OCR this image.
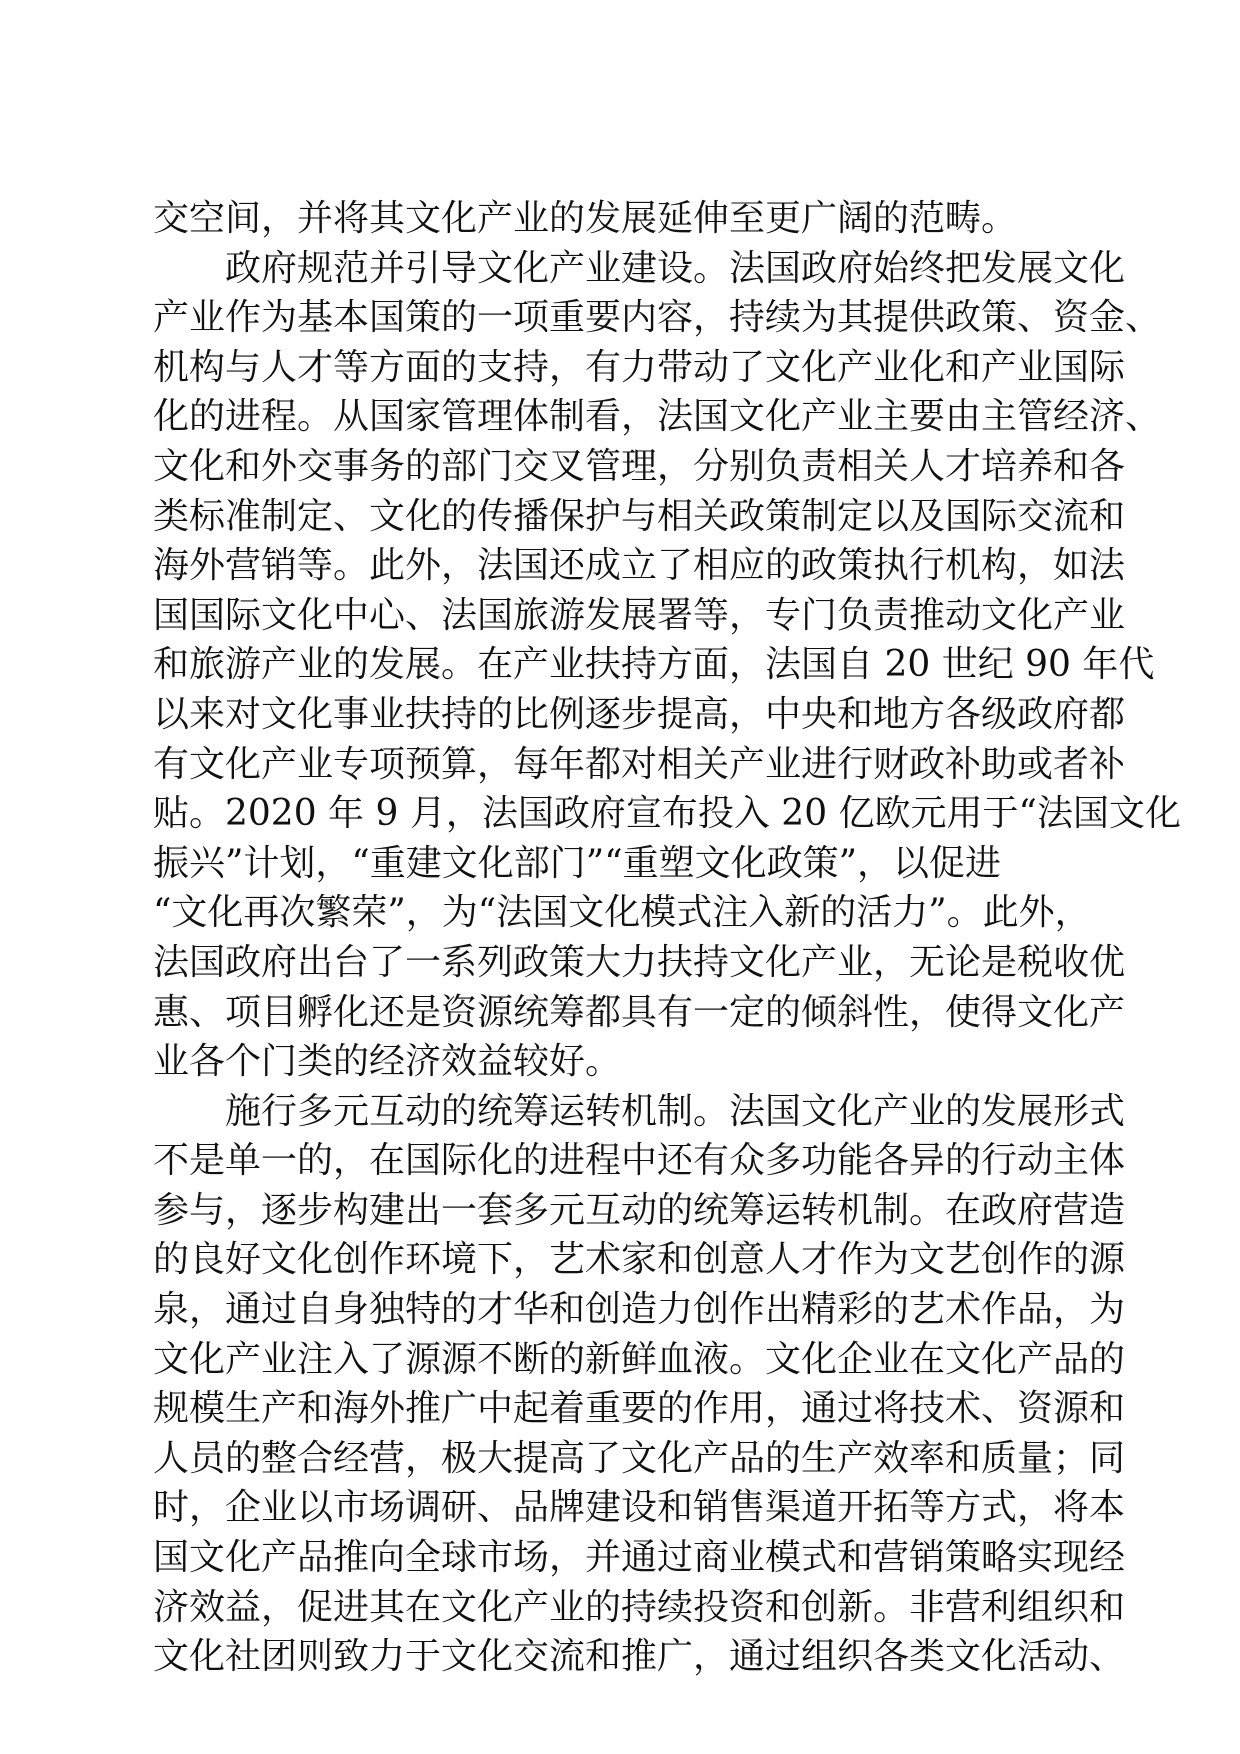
交空间，并将其文化产业的发展延伸至更广阔的范畴。
政府规范并引导文化产业建设。法国政府始终把发展文化
产业作为基本国策的一项重要内容，持续为其提供政策、资金、
机构与人才等方面的支持，有力带动了文化产业化和产业国际
化的进程。从国家管理体制看，法国文化产业主要由主管经济、
文化和外交事务的部门交叉管理，分别负责相关人才培养和各
类标准制定、文化的传播保护与相关政策制定以及国际交流和
海外营销等。此外，法国还成立了相应的政策执行机构，如法
国国际文化中心、法国旅游发展署等，专门负责推动文化产业
和旅游产业的发展。在产业扶持方面，法国自 20 世纪 90 年代
以来对文化事业扶持的比例逐步提高，中央和地方各级政府都
有文化产业专项预算，每年都对相关产业进行财政补助或者补
贴。2020 年 9 月，法国政府宣布投入 20 亿欧元用于“法国文化
振兴”计划，“重建文化部门”“重塑文化政策”，以促进
“文化再次繁荣”，为“法国文化模式注入新的活力”。此外，
法国政府出台了一系列政策大力扶持文化产业，无论是税收优
惠、项目孵化还是资源统筹都具有一定的倾斜性，使得文化产
业各个门类的经济效益较好。
施行多元互动的统筹运转机制。法国文化产业的发展形式
不是单一的，在国际化的进程中还有众多功能各异的行动主体
参与，逐步构建出一套多元互动的统筹运转机制。在政府营造
的良好文化创作环境下，艺术家和创意人才作为文艺创作的源
泉，通过自身独特的才华和创造力创作出精彩的艺术作品，为
文化产业注入了源源不断的新鲜血液。文化企业在文化产品的
规模生产和海外推广中起着重要的作用，通过将技术、资源和
人员的整合经营，极大提高了文化产品的生产效率和质量；同
时，企业以市场调研、品牌建设和销售渠道开拓等方式，将本
国文化产品推向全球市场，并通过商业模式和营销策略实现经
济效益，促进其在文化产业的持续投资和创新。非营利组织和
文化社团则致力于文化交流和推广，通过组织各类文化活动、
